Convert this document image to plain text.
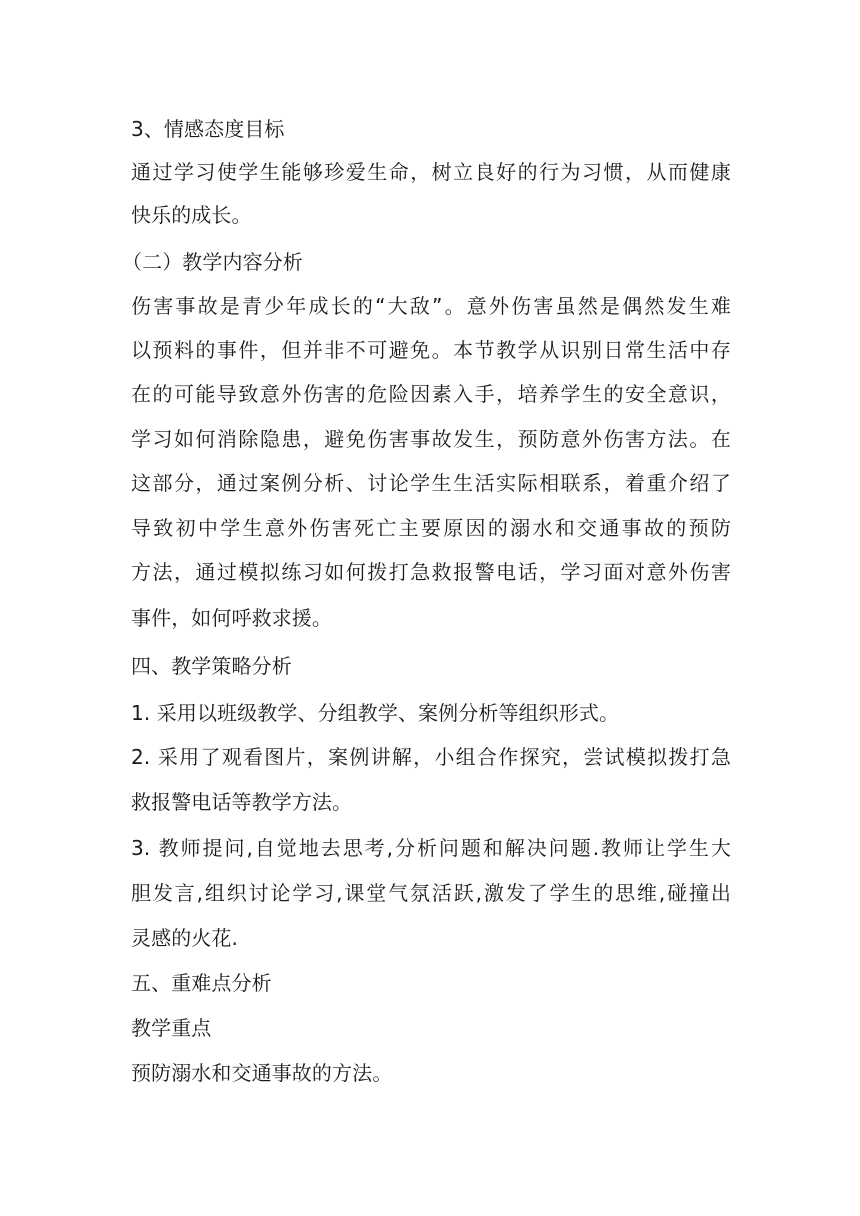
3、情感态度目标
通过学习使学生能够珍爱生命，树立良好的行为习惯，从而健康
快乐的成长。
（二）教学内容分析
伤害事故是青少年成长的“大敌”。意外伤害虽然是偶然发生难
以预料的事件，但并非不可避免。本节教学从识别日常生活中存
在的可能导致意外伤害的危险因素入手，培养学生的安全意识，
学习如何消除隐患，避免伤害事故发生，预防意外伤害方法。在
这部分，通过案例分析、讨论学生生活实际相联系，着重介绍了
导致初中学生意外伤害死亡主要原因的溺水和交通事故的预防
方法，通过模拟练习如何拨打急救报警电话，学习面对意外伤害
事件，如何呼救求援。
四、教学策略分析
1. 采用以班级教学、分组教学、案例分析等组织形式。
2. 采用了观看图片，案例讲解，小组合作探究，尝试模拟拨打急
救报警电话等教学方法。
3. 教师提问,自觉地去思考,分析问题和解决问题.教师让学生大
胆发言,组织讨论学习,课堂气氛活跃,激发了学生的思维,碰撞出
灵感的火花.
五、重难点分析
教学重点
预防溺水和交通事故的方法。
